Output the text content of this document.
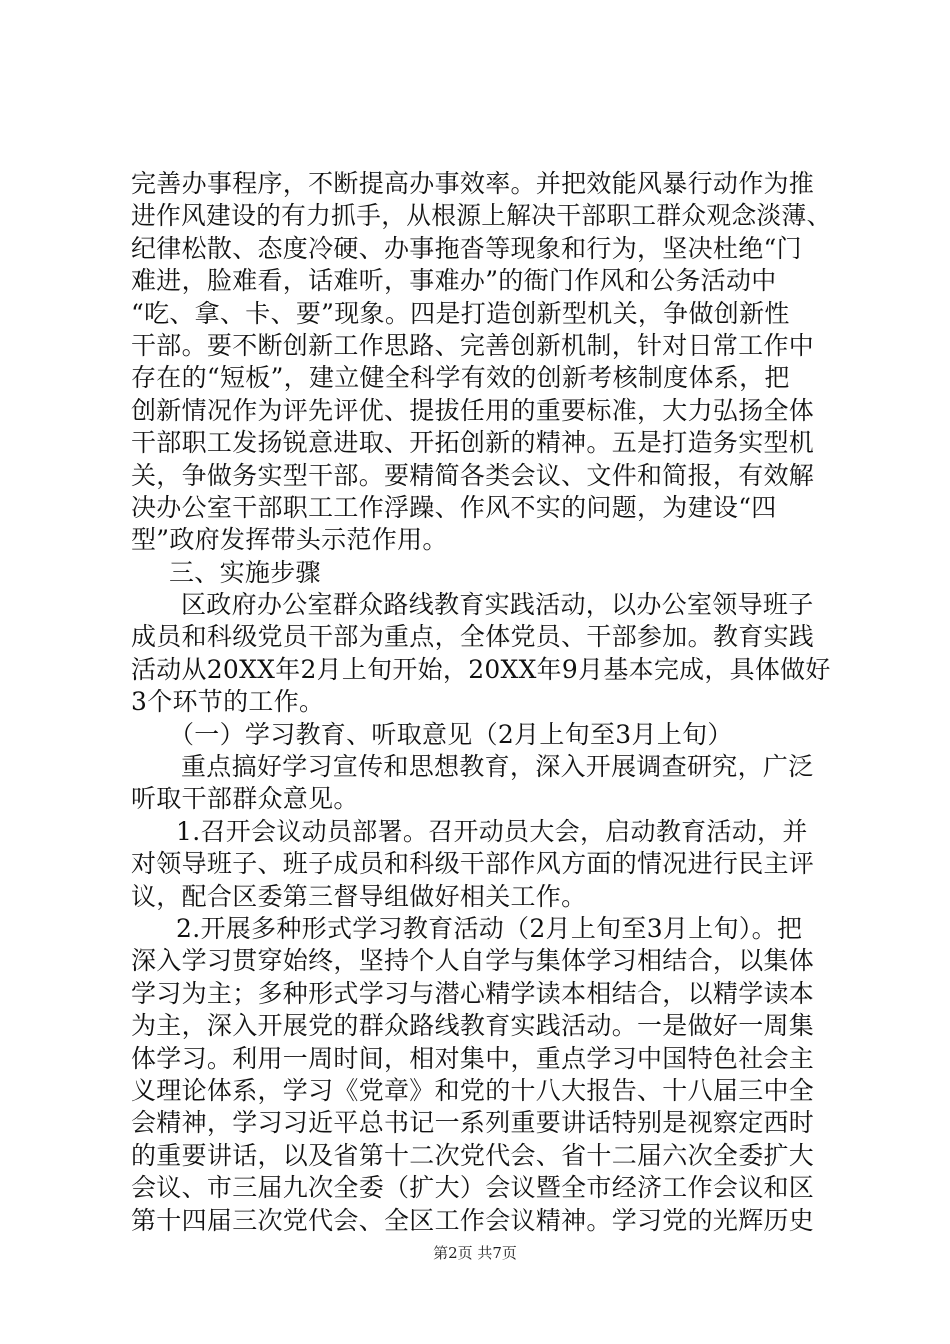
完善办事程序，不断提高办事效率。并把效能风暴行动作为推
进作风建设的有力抓手，从根源上解决干部职工群众观念淡薄、
纪律松散、态度冷硬、办事拖沓等现象和行为，坚决杜绝“门
难进，脸难看，话难听，事难办”的衙门作风和公务活动中
“吃、拿、卡、要”现象。四是打造创新型机关，争做创新性
干部。要不断创新工作思路、完善创新机制，针对日常工作中
存在的“短板”，建立健全科学有效的创新考核制度体系，把
创新情况作为评先评优、提拔任用的重要标准，大力弘扬全体
干部职工发扬锐意进取、开拓创新的精神。五是打造务实型机
关，争做务实型干部。要精简各类会议、文件和简报，有效解
决办公室干部职工工作浮躁、作风不实的问题，为建设“四
型”政府发挥带头示范作用。
三、实施步骤
区政府办公室群众路线教育实践活动，以办公室领导班子
成员和科级党员干部为重点，全体党员、干部参加。教育实践
活动从20XX年2月上旬开始，20XX年9月基本完成，具体做好
3个环节的工作。
（一）学习教育、听取意见（2月上旬至3月上旬）
重点搞好学习宣传和思想教育，深入开展调查研究，广泛
听取干部群众意见。
1.召开会议动员部署。召开动员大会，启动教育活动，并
对领导班子、班子成员和科级干部作风方面的情况进行民主评
议，配合区委第三督导组做好相关工作。
2.开展多种形式学习教育活动（2月上旬至3月上旬）。把
深入学习贯穿始终，坚持个人自学与集体学习相结合，以集体
学习为主；多种形式学习与潜心精学读本相结合，以精学读本
为主，深入开展党的群众路线教育实践活动。一是做好一周集
体学习。利用一周时间，相对集中，重点学习中国特色社会主
义理论体系，学习《党章》和党的十八大报告、十八届三中全
会精神，学习习近平总书记一系列重要讲话特别是视察定西时
的重要讲话，以及省第十二次党代会、省十二届六次全委扩大
会议、市三届九次全委（扩大）会议暨全市经济工作会议和区
第十四届三次党代会、全区工作会议精神。学习党的光辉历史
第2页 共7页
